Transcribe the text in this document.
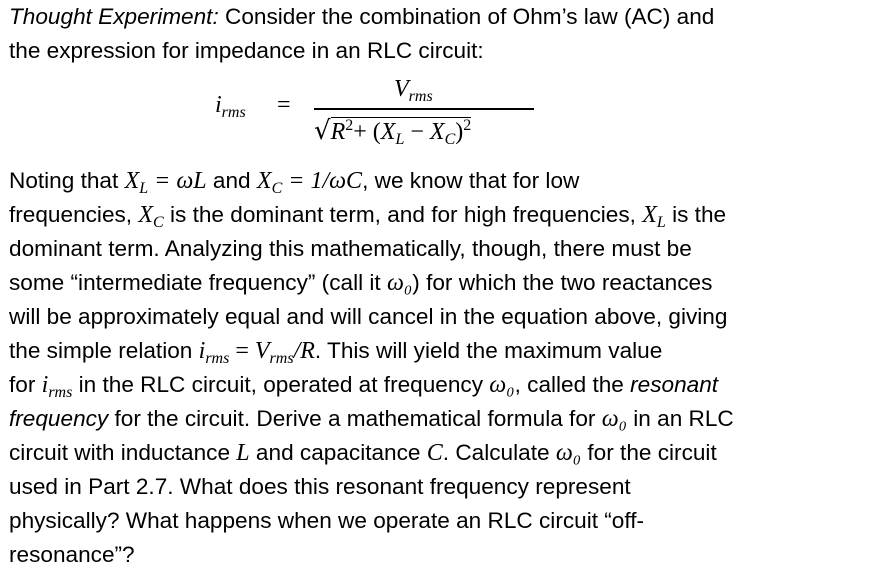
Thought Experiment: Consider the combination of Ohm’s law (AC) and
the expression for impedance in an RLC circuit:
$i_{rms}$ =
$V_{rms}$
$√R^2+ (X_L - X_C)^2$
Noting that $X_L = \omega L$ and $X_C = 1/\omega C$, we know that for low
frequencies, $X_C$ is the dominant term, and for high frequencies, $X_L$ is the
dominant term. Analyzing this mathematically, though, there must be
some “intermediate frequency” (call it ω₀) for which the two reactances
will be approximately equal and will cancel in the equation above, giving
the simple relation $i_{rms} = V_{rms}/R$. This will yield the maximum value
for $i_{rms}$ in the RLC circuit, operated at frequency ω₀, called the resonant
frequency for the circuit. Derive a mathematical formula for ω₀ in an RLC
circuit with inductance L and capacitance C. Calculate ω₀ for the circuit
used in Part 2.7. What does this resonant frequency represent
physically? What happens when we operate an RLC circuit “off-
resonance”?
